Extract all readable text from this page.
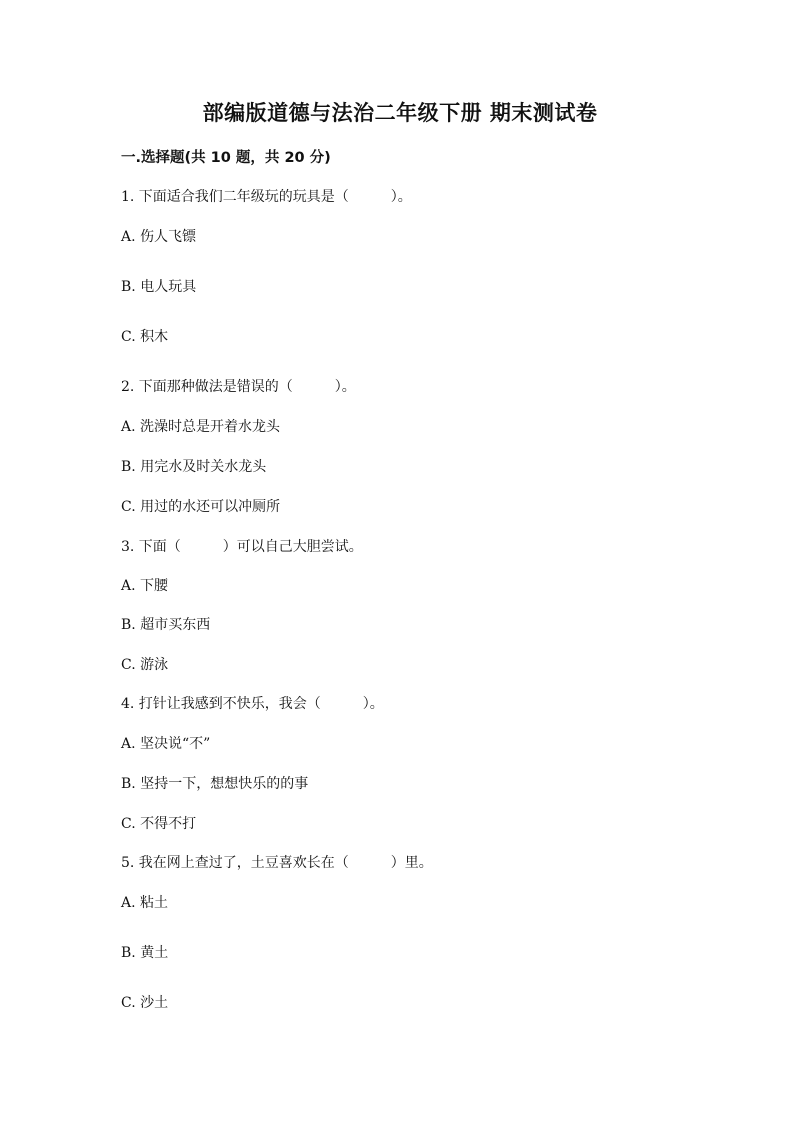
部编版道德与法治二年级下册 期末测试卷
一.选择题(共 10 题，共 20 分)
1. 下面适合我们二年级玩的玩具是（　　　）。
A. 伤人飞镖
B. 电人玩具
C. 积木
2. 下面那种做法是错误的（　　　）。
A. 洗澡时总是开着水龙头
B. 用完水及时关水龙头
C. 用过的水还可以冲厕所
3. 下面（　　　）可以自己大胆尝试。
A. 下腰
B. 超市买东西
C. 游泳
4. 打针让我感到不快乐，我会（　　　）。
A. 坚决说“不”
B. 坚持一下，想想快乐的的事
C. 不得不打
5. 我在网上查过了，土豆喜欢长在（　　　）里。
A. 粘土
B. 黄土
C. 沙土
